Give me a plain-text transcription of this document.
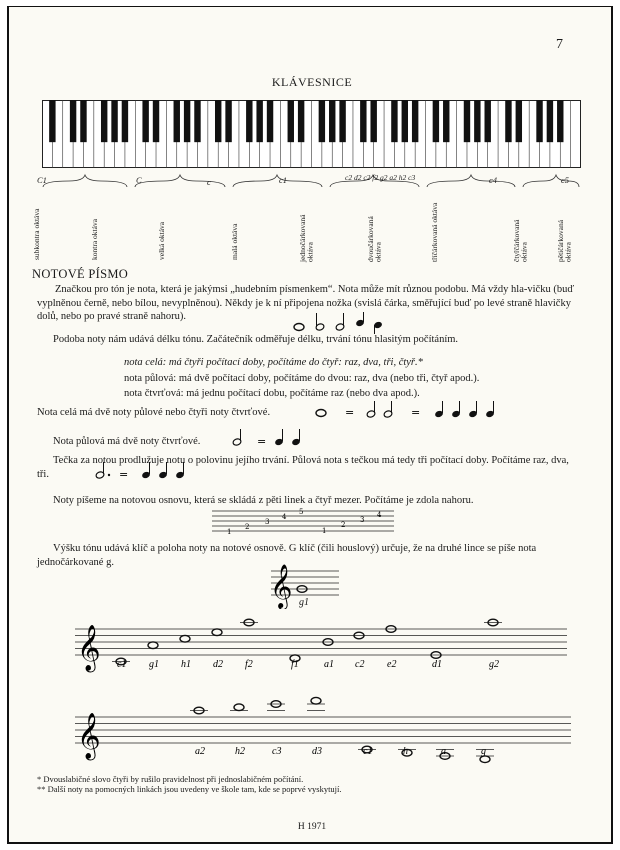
7
KLÁVESNICE
C1	C	c	c1	c2 d2 c2 f2 g2 a2 h2 c3	c4	c5
subkontra oktáva	kontra oktáva	velká oktáva	malá oktáva	jednočárkovaná oktáva	dvoučárkovaná oktáva	tříčárkovaná oktáva	čtyřčárkovaná oktáva	pětičárkovaná oktáva
NOTOVÉ PÍSMO
Značkou pro tón je nota, která je jakýmsi „hudebním písmenkem“. Nota může mít různou podobu. Má vždy hla-vičku (buď vyplněnou černě, nebo bílou, nevyplněnou). Někdy je k ní připojena nožka (svislá čárka, směřující buď po levé straně hlavičky dolů, nebo po pravé straně nahoru).
Podoba noty nám udává délku tónu. Začátečník odměřuje délku, trvání tónu hlasitým počítáním.
nota celá: má čtyři počítací doby, počítáme do čtyř: raz, dva, tři, čtyř.*
nota půlová: má dvě počítací doby, počítáme do dvou: raz, dva (nebo tři, čtyř apod.).
nota čtvrťová: má jednu počítací dobu, počítáme raz (nebo dva apod.).
Nota celá má dvě noty půlové nebo čtyři noty čtvrťové.	=	=
Nota půlová má dvě noty čtvrťové.	=
Tečka za notou prodlužuje notu o polovinu jejího trvání. Půlová nota s tečkou má tedy tři počítací doby. Počítáme raz, dva, tři.	=
Noty píšeme na notovou osnovu, která se skládá z pěti linek a čtyř mezer. Počítáme je zdola nahoru.
1
2
3
4
5
1
2
3
4
Výšku tónu udává klíč a poloha noty na notové osnově. G klíč (čili houslový) určuje, že na druhé lince se píše nota jednočárkované g.
𝄞 g1
𝄞 c1 g1 h1 d2 f2	f1	a1 c2 e2	d1	g2
𝄞	a2	h2	c3	d3	c1	h	a	g
* Dvouslabičné slovo čtyři by rušilo pravidelnost při jednoslabičném počítání.
** Další noty na pomocných linkách jsou uvedeny ve škole tam, kde se poprvé vyskytují.
H 1971
